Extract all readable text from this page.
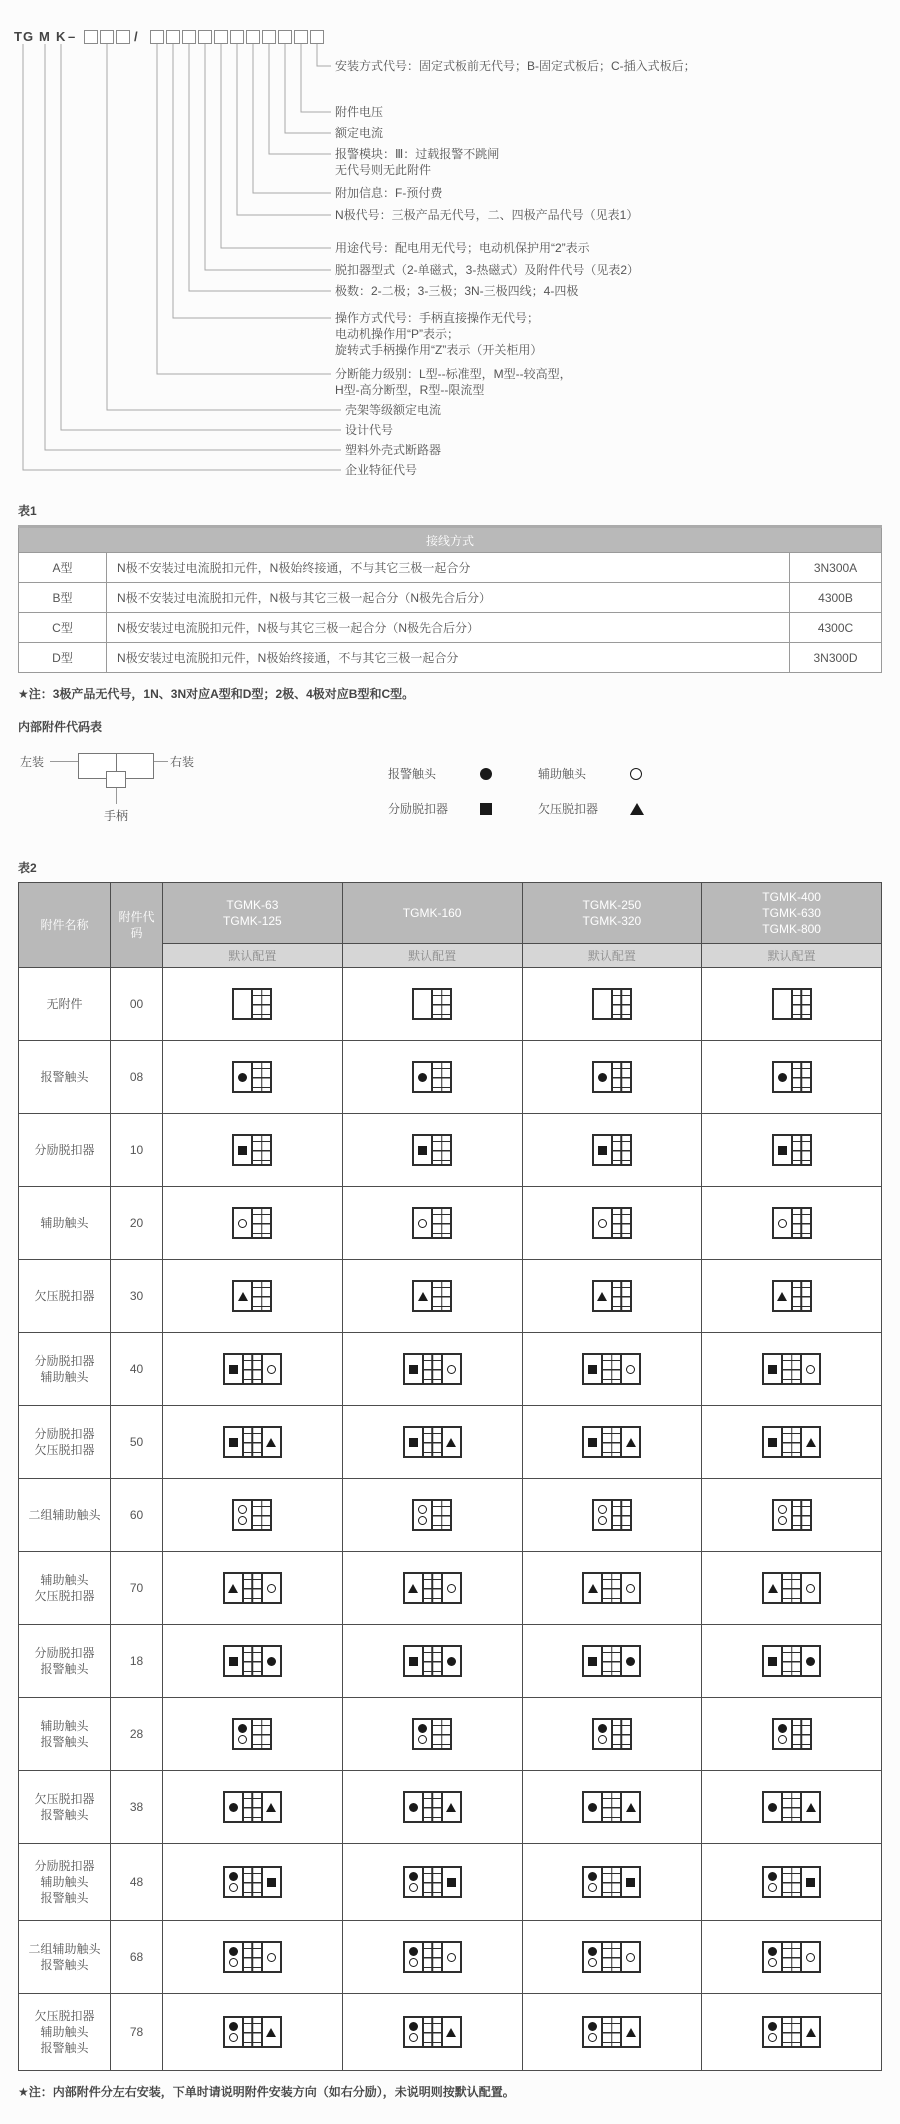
TG M K –	/
安装方式代号：固定式板前无代号；B-固定式板后；C-插入式板后；
附件电压
额定电流
报警模块：Ⅲ：过载报警不跳闸
无代号则无此附件
附加信息：F-预付费
N极代号：三极产品无代号，二、四极产品代号（见表1）
用途代号：配电用无代号；电动机保护用“2”表示
脱扣器型式（2-单磁式，3-热磁式）及附件代号（见表2）
极数：2-二极；3-三极；3N-三极四线；4-四极
操作方式代号：手柄直接操作无代号；
电动机操作用“P”表示；
旋转式手柄操作用“Z”表示（开关柜用）
分断能力级别：L型--标准型，M型--较高型，
H型-高分断型，R型--限流型
壳架等级额定电流
设计代号
塑料外壳式断路器
企业特征代号
表1
接线方式		
A型	N极不安装过电流脱扣元件，N极始终接通，不与其它三极一起合分	3N300A
B型	N极不安装过电流脱扣元件，N极与其它三极一起合分（N极先合后分）	4300B
C型	N极安装过电流脱扣元件，N极与其它三极一起合分（N极先合后分）	4300C
D型	N极安装过电流脱扣元件，N极始终接通，不与其它三极一起合分	3N300D
★注：3极产品无代号，1N、3N对应A型和D型；2极、4极对应B型和C型。
内部附件代码表
左装	右装
手柄
报警触头	辅助触头
分励脱扣器	欠压脱扣器
表2
附件名称	附件代码	
TGMK-63
TGMK-125

TGMK-160

TGMK-250
TGMK-320

TGMK-400
TGMK-630
TGMK-800

		默认配置	默认配置	默认配置	默认配置

无附件	00	

报警触头	08	

分励脱扣器	10	

辅助触头	20	

欠压脱扣器	30	

分励脱扣器
辅助触头	40	

分励脱扣器
欠压脱扣器	50	

二组辅助触头	60	

辅助触头
欠压脱扣器	70	

分励脱扣器
报警触头	18	

辅助触头
报警触头	28	

欠压脱扣器
报警触头	38	

分励脱扣器
辅助触头
报警触头	48	

二组辅助触头
报警触头	68	

欠压脱扣器
辅助触头
报警触头	78	

★注：内部附件分左右安装，下单时请说明附件安装方向（如右分励），未说明则按默认配置。
